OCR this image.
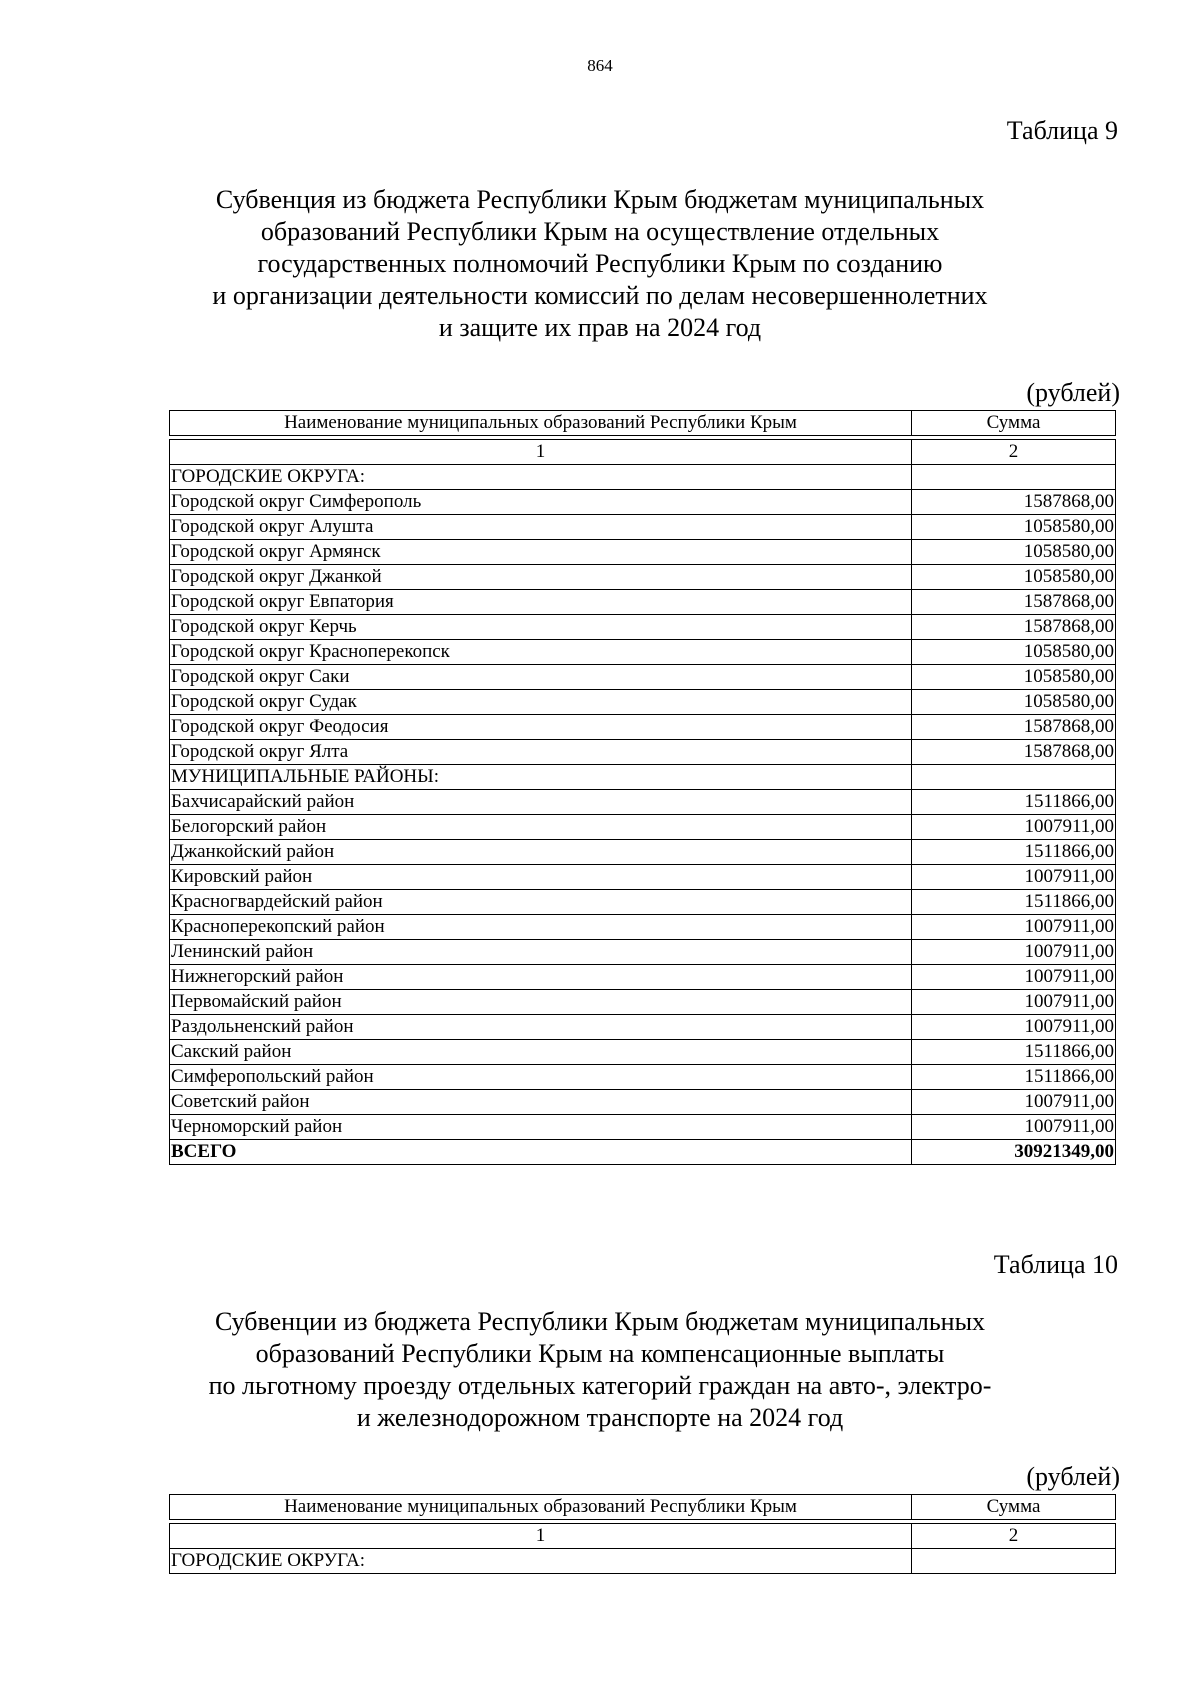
864
Таблица 9
Субвенция из бюджета Республики Крым бюджетам муниципальных
образований Республики Крым на осуществление отдельных
государственных полномочий Республики Крым по созданию
и организации деятельности комиссий по делам несовершеннолетних
и защите их прав на 2024 год
(рублей)
Наименование муниципальных образований Республики Крым	Сумма

1	2
ГОРОДСКИЕ ОКРУГА:	
Городской округ Симферополь	1587868,00
Городской округ Алушта	1058580,00
Городской округ Армянск	1058580,00
Городской округ Джанкой	1058580,00
Городской округ Евпатория	1587868,00
Городской округ Керчь	1587868,00
Городской округ Красноперекопск	1058580,00
Городской округ Саки	1058580,00
Городской округ Судак	1058580,00
Городской округ Феодосия	1587868,00
Городской округ Ялта	1587868,00
МУНИЦИПАЛЬНЫЕ РАЙОНЫ:	
Бахчисарайский район	1511866,00
Белогорский район	1007911,00
Джанкойский район	1511866,00
Кировский район	1007911,00
Красногвардейский район	1511866,00
Красноперекопский район	1007911,00
Ленинский район	1007911,00
Нижнегорский район	1007911,00
Первомайский район	1007911,00
Раздольненский район	1007911,00
Сакский район	1511866,00
Симферопольский район	1511866,00
Советский район	1007911,00
Черноморский район	1007911,00
ВСЕГО	30921349,00
Таблица 10
Субвенции из бюджета Республики Крым бюджетам муниципальных
образований Республики Крым на компенсационные выплаты
по льготному проезду отдельных категорий граждан на авто-, электро-
и железнодорожном транспорте на 2024 год
(рублей)
Наименование муниципальных образований Республики Крым	Сумма

1	2
ГОРОДСКИЕ ОКРУГА:	
